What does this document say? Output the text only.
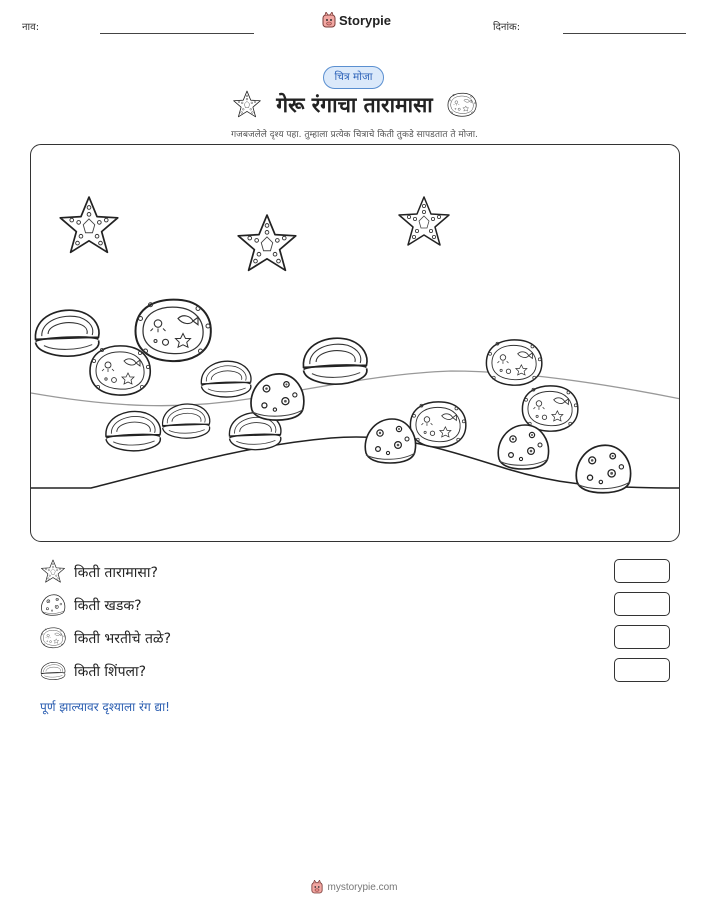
नाव:	Storypie	दिनांक:
चित्र मोजा
गेरू रंगाचा तारामासा
गजबजलेले दृश्य पहा. तुम्हाला प्रत्येक चित्राचे किती तुकडे सापडतात ते मोजा.
किती तारामासा?
किती खडक?
किती भरतीचे तळे?
किती शिंपला?
पूर्ण झाल्यावर दृश्याला रंग द्या!
mystorypie.com
